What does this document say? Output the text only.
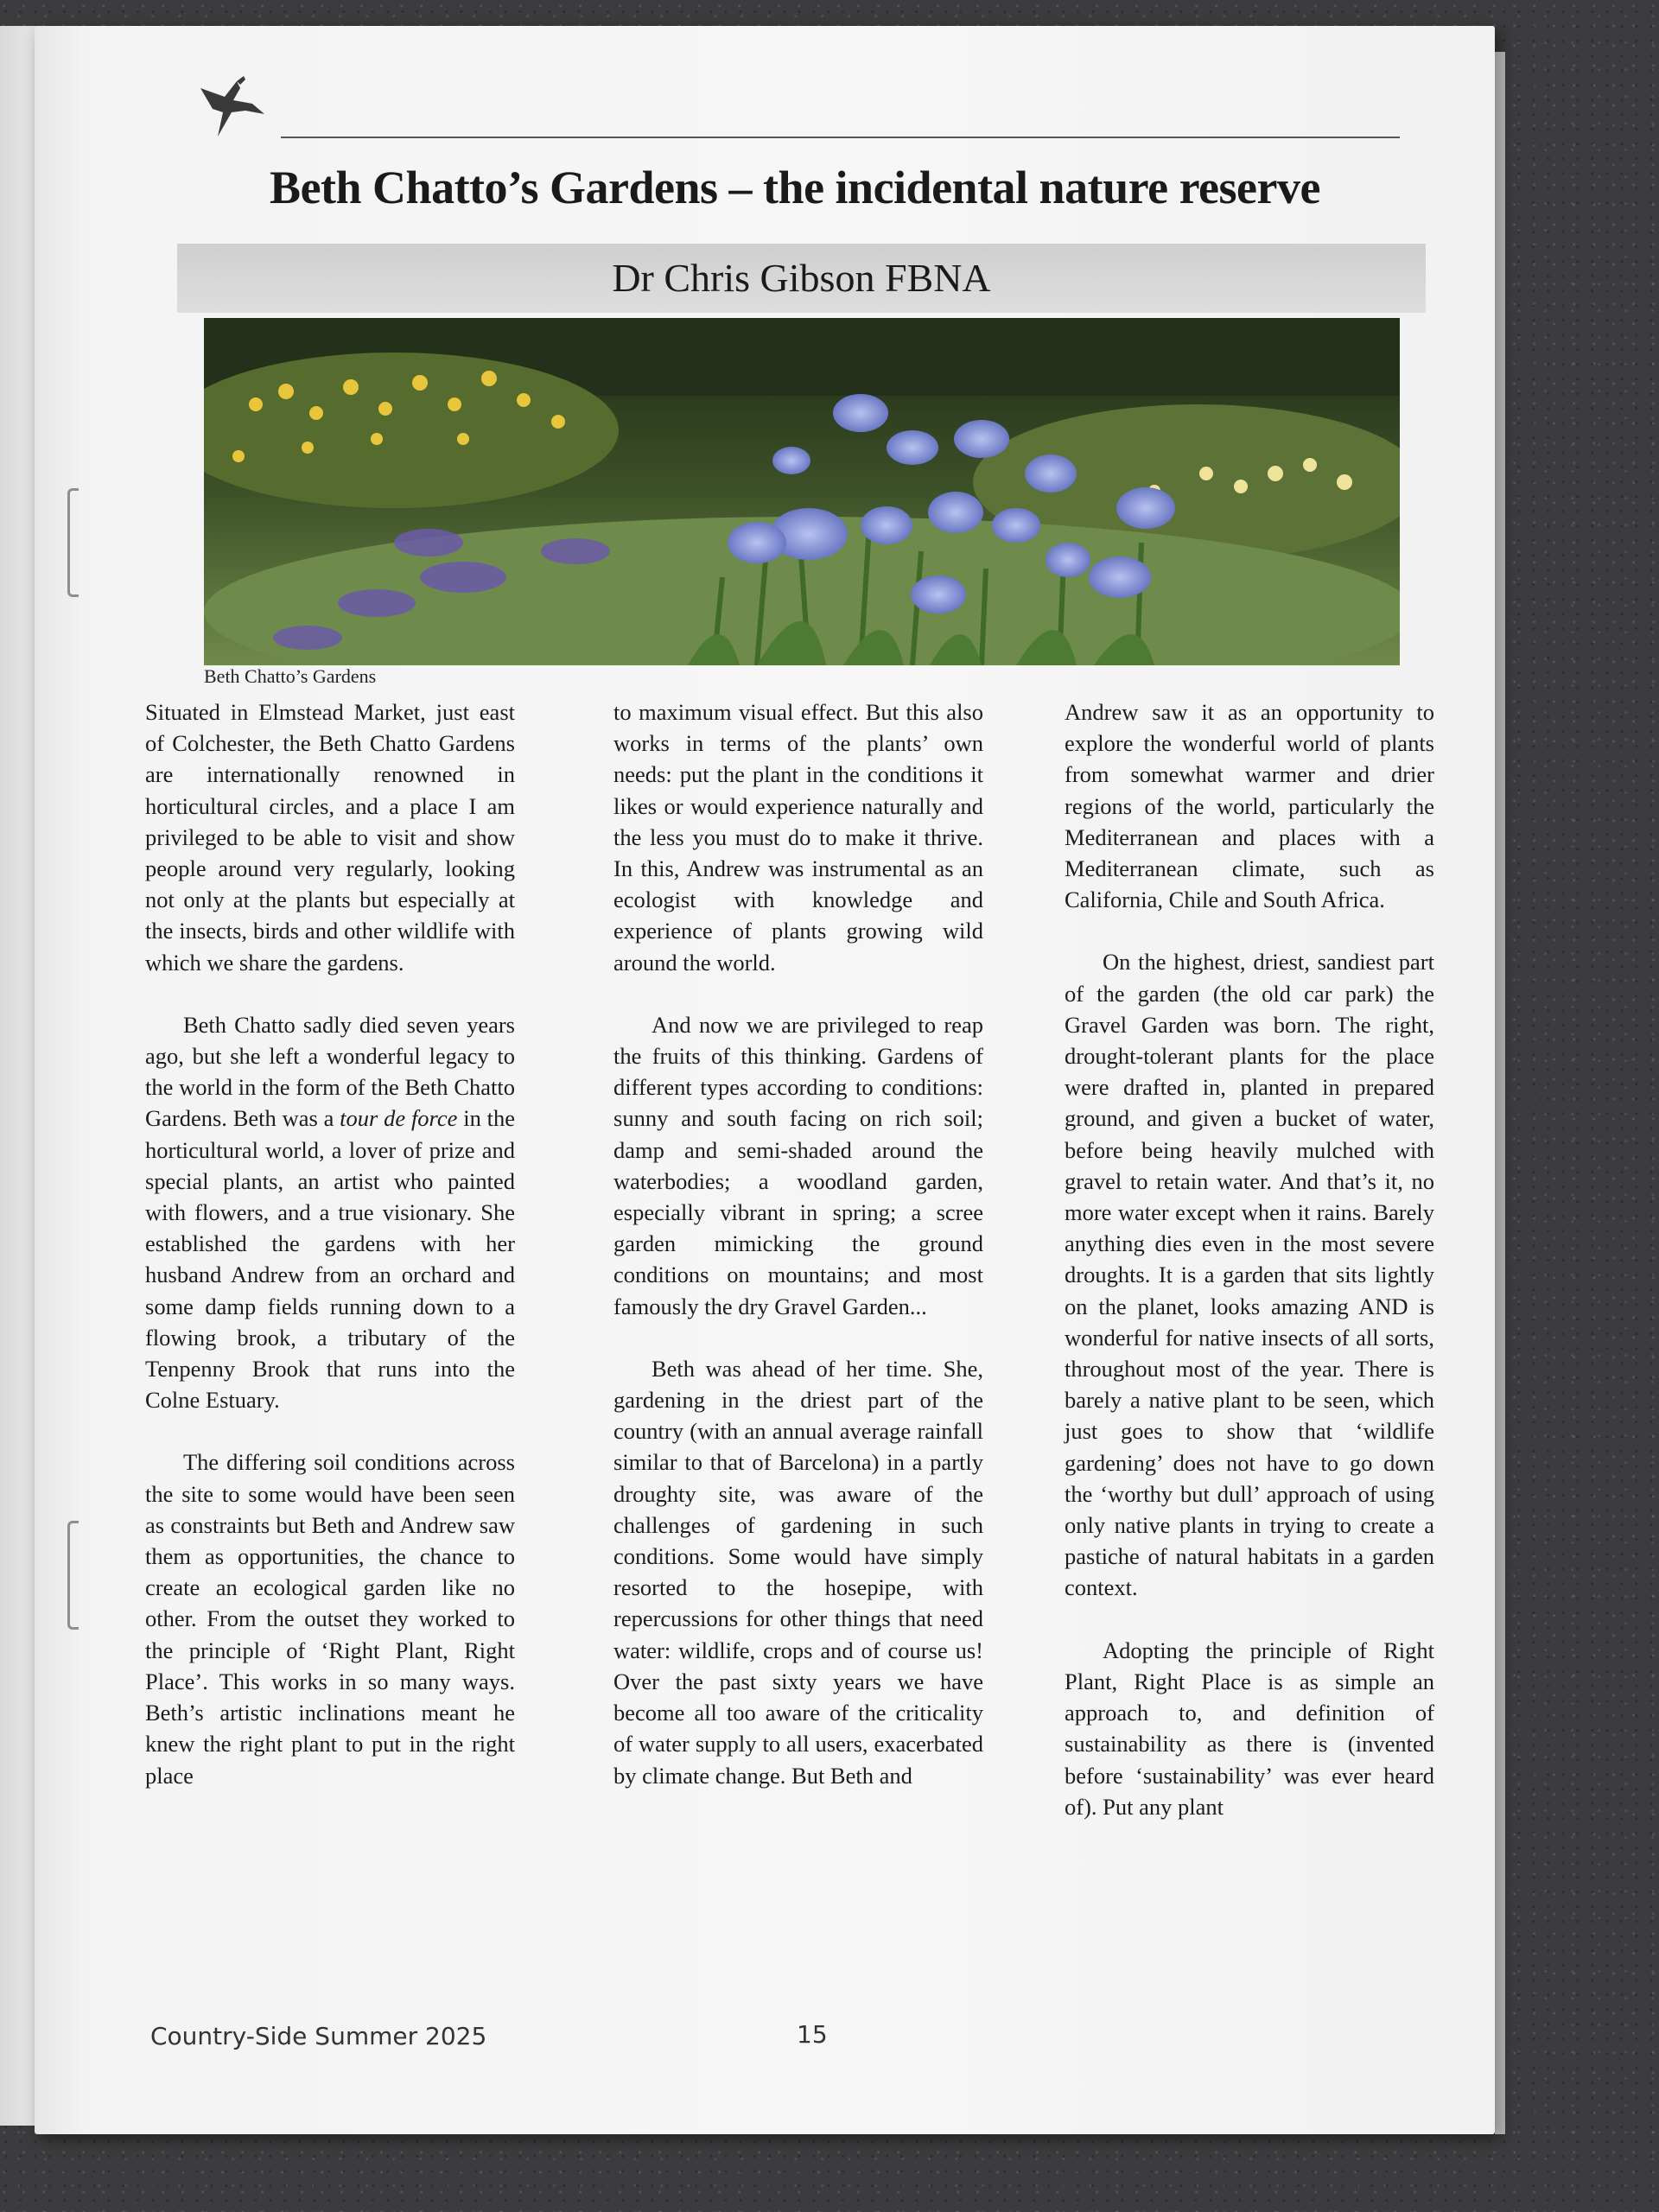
Beth Chatto’s Gardens – the incidental nature reserve
Dr Chris Gibson FBNA
Beth Chatto’s Gardens

Situated in Elmstead Market, just east of Colchester, the Beth Chatto Gardens are internationally renowned in horticultural circles, and a place I am privileged to be able to visit and show people around very regularly, looking not only at the plants but especially at the insects, birds and other wildlife with which we share the gardens.

Beth Chatto sadly died seven years ago, but she left a wonderful legacy to the world in the form of the Beth Chatto Gardens. Beth was a tour de force in the horticultural world, a lover of prize and special plants, an artist who painted with flowers, and a true visionary. She established the gardens with her husband Andrew from an orchard and some damp fields running down to a flowing brook, a tributary of the Tenpenny Brook that runs into the Colne Estuary.

The differing soil conditions across the site to some would have been seen as constraints but Beth and Andrew saw them as opportunities, the chance to create an ecological garden like no other. From the outset they worked to the principle of ‘Right Plant, Right Place’. This works in so many ways. Beth’s artistic inclinations meant he knew the right plant to put in the right place

to maximum visual effect. But this also works in terms of the plants’ own needs: put the plant in the conditions it likes or would experience naturally and the less you must do to make it thrive. In this, Andrew was instrumental as an ecologist with knowledge and experience of plants growing wild around the world.

And now we are privileged to reap the fruits of this thinking. Gardens of different types according to conditions: sunny and south facing on rich soil; damp and semi-shaded around the waterbodies; a woodland garden, especially vibrant in spring; a scree garden mimicking the ground conditions on mountains; and most famously the dry Gravel Garden...

Beth was ahead of her time. She, gardening in the driest part of the country (with an annual average rainfall similar to that of Barcelona) in a partly droughty site, was aware of the challenges of gardening in such conditions. Some would have simply resorted to the hosepipe, with repercussions for other things that need water: wildlife, crops and of course us! Over the past sixty years we have become all too aware of the criticality of water supply to all users, exacerbated by climate change. But Beth and

Andrew saw it as an opportunity to explore the wonderful world of plants from somewhat warmer and drier regions of the world, particularly the Mediterranean and places with a Mediterranean climate, such as California, Chile and South Africa.

On the highest, driest, sandiest part of the garden (the old car park) the Gravel Garden was born. The right, drought-tolerant plants for the place were drafted in, planted in prepared ground, and given a bucket of water, before being heavily mulched with gravel to retain water. And that’s it, no more water except when it rains. Barely anything dies even in the most severe droughts. It is a garden that sits lightly on the planet, looks amazing AND is wonderful for native insects of all sorts, throughout most of the year. There is barely a native plant to be seen, which just goes to show that ‘wildlife gardening’ does not have to go down the ‘worthy but dull’ approach of using only native plants in trying to create a pastiche of natural habitats in a garden context.

Adopting the principle of Right Plant, Right Place is as simple an approach to, and definition of sustainability as there is (invented before ‘sustainability’ was ever heard of). Put any plant

Country-Side Summer 2025	15
